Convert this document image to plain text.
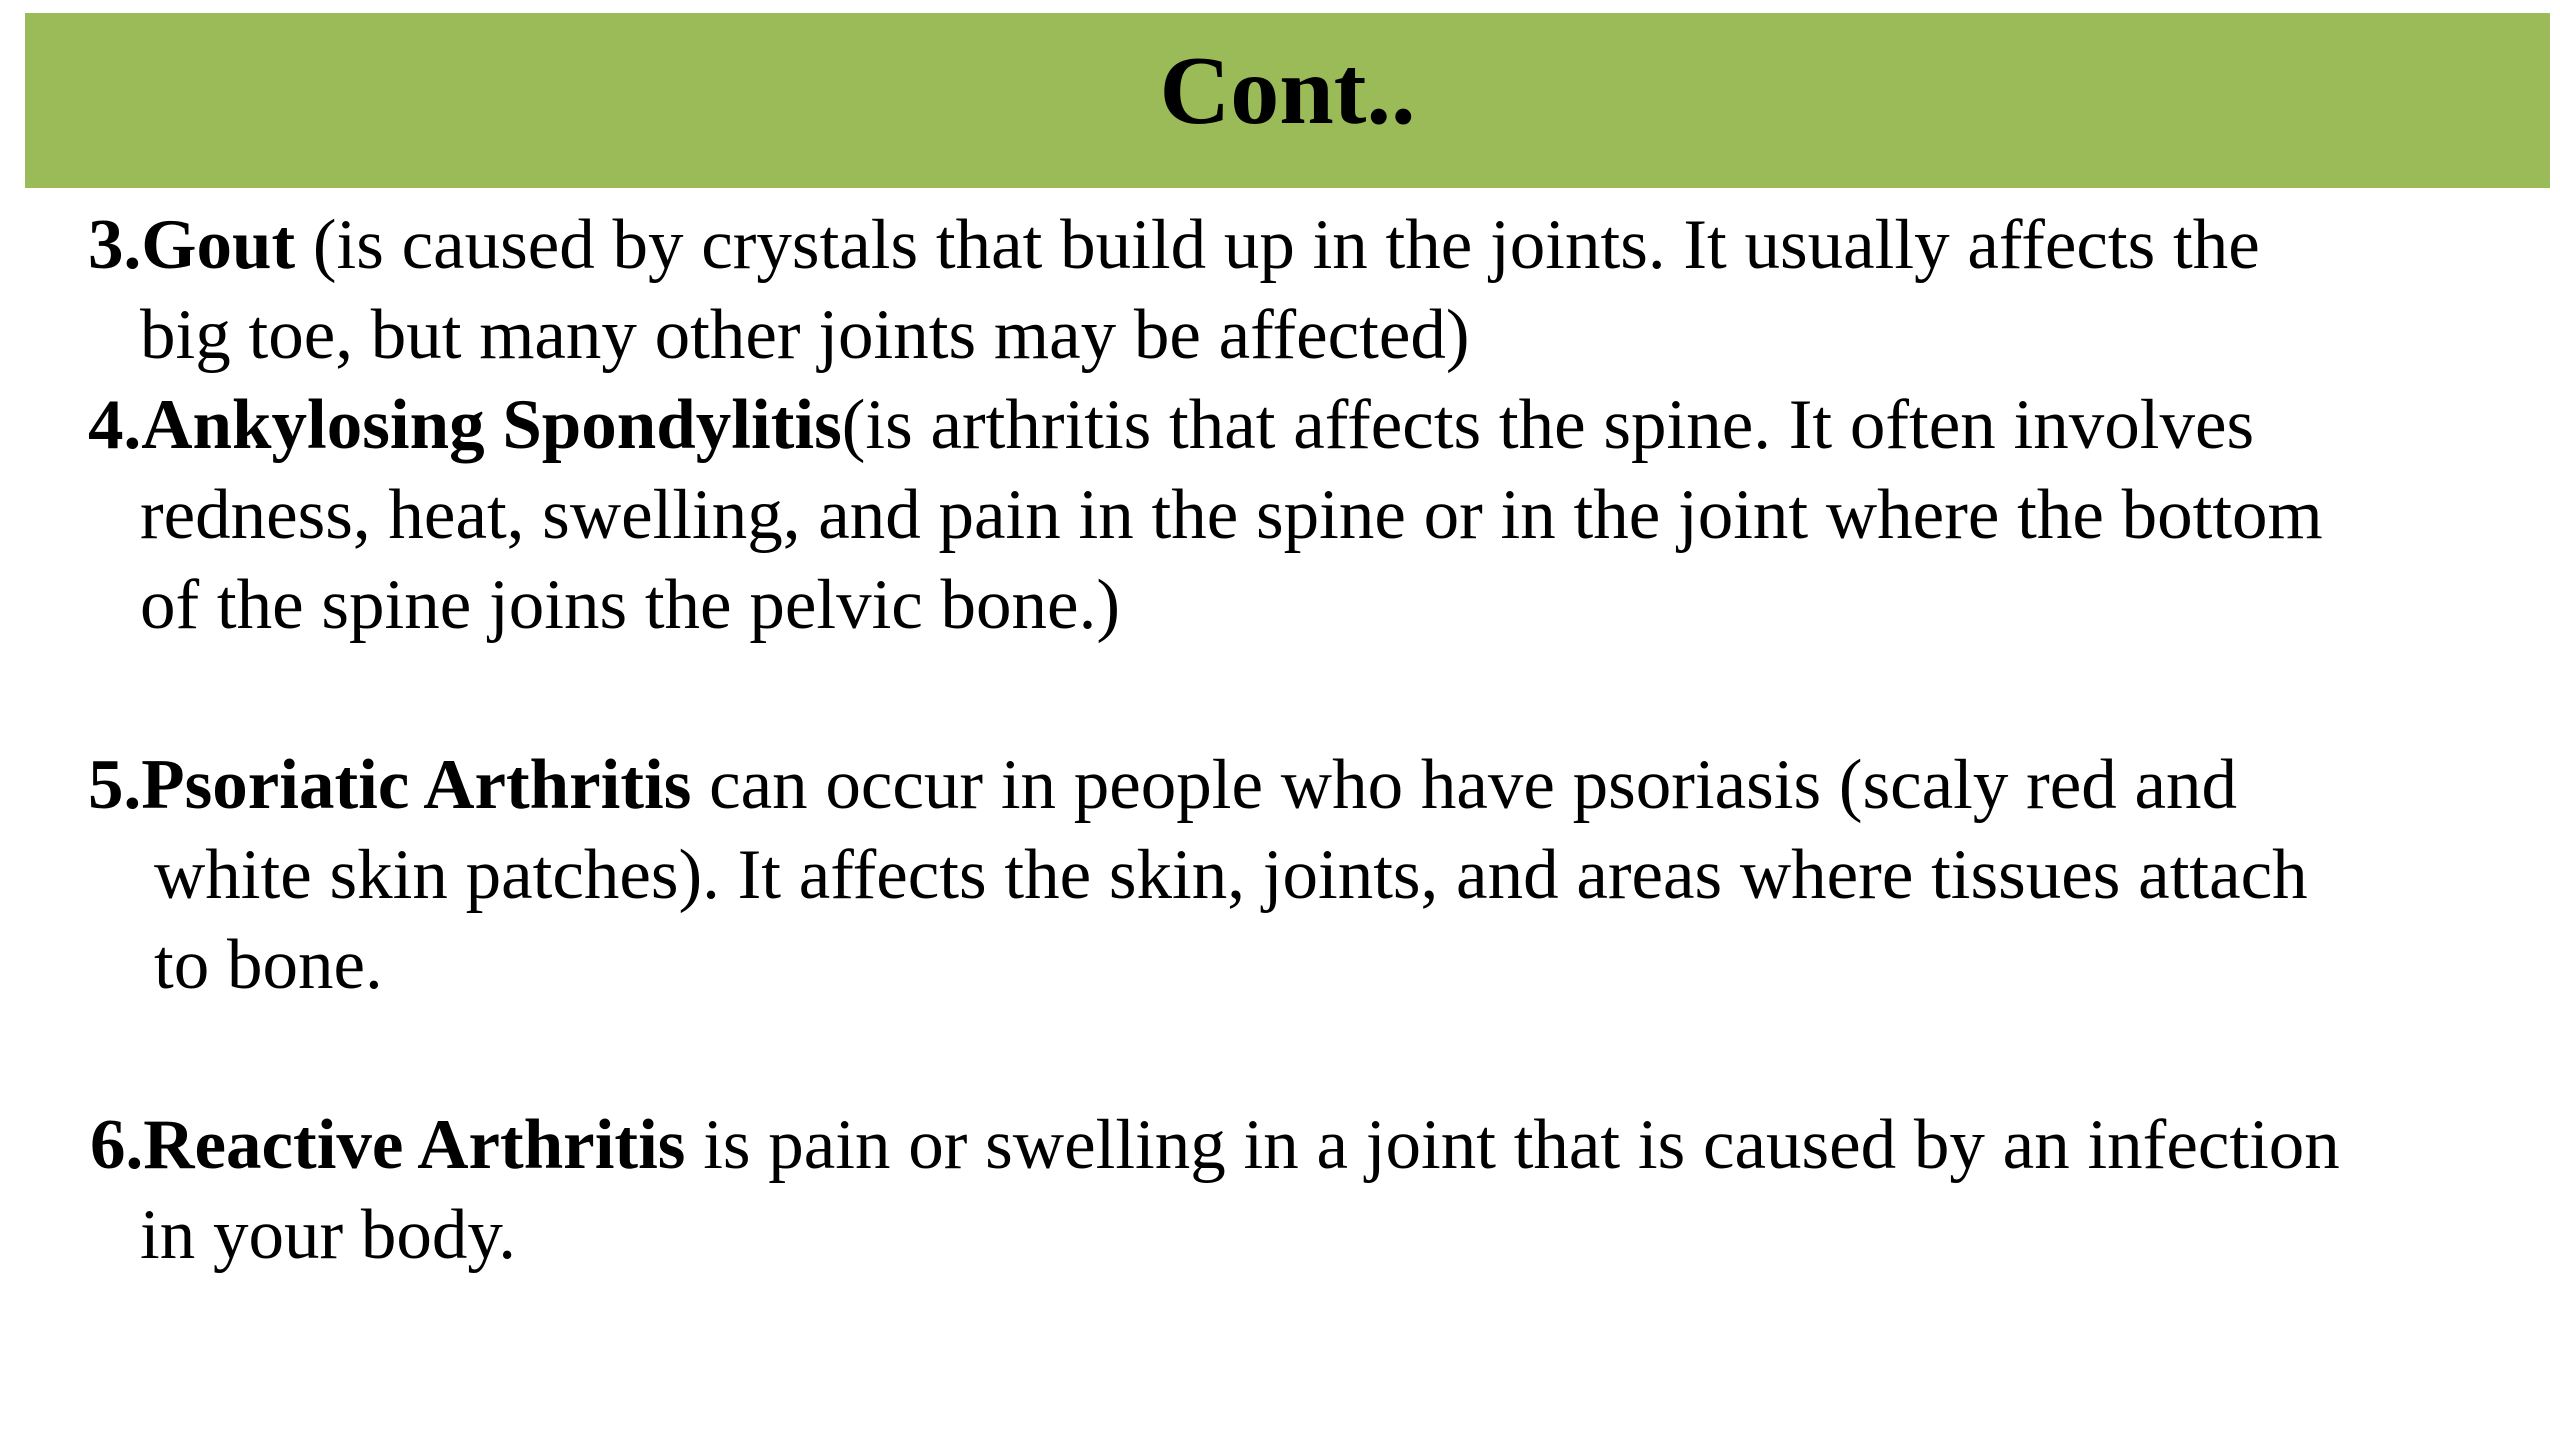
Cont..
3.Gout (is caused by crystals that build up in the joints. It usually affects the
big toe, but many other joints may be affected)
4.Ankylosing Spondylitis(is arthritis that affects the spine. It often involves
redness, heat, swelling, and pain in the spine or in the joint where the bottom
of the spine joins the pelvic bone.)
5.Psoriatic Arthritis can occur in people who have psoriasis (scaly red and
white skin patches). It affects the skin, joints, and areas where tissues attach
to bone.
6.Reactive Arthritis is pain or swelling in a joint that is caused by an infection
in your body.
